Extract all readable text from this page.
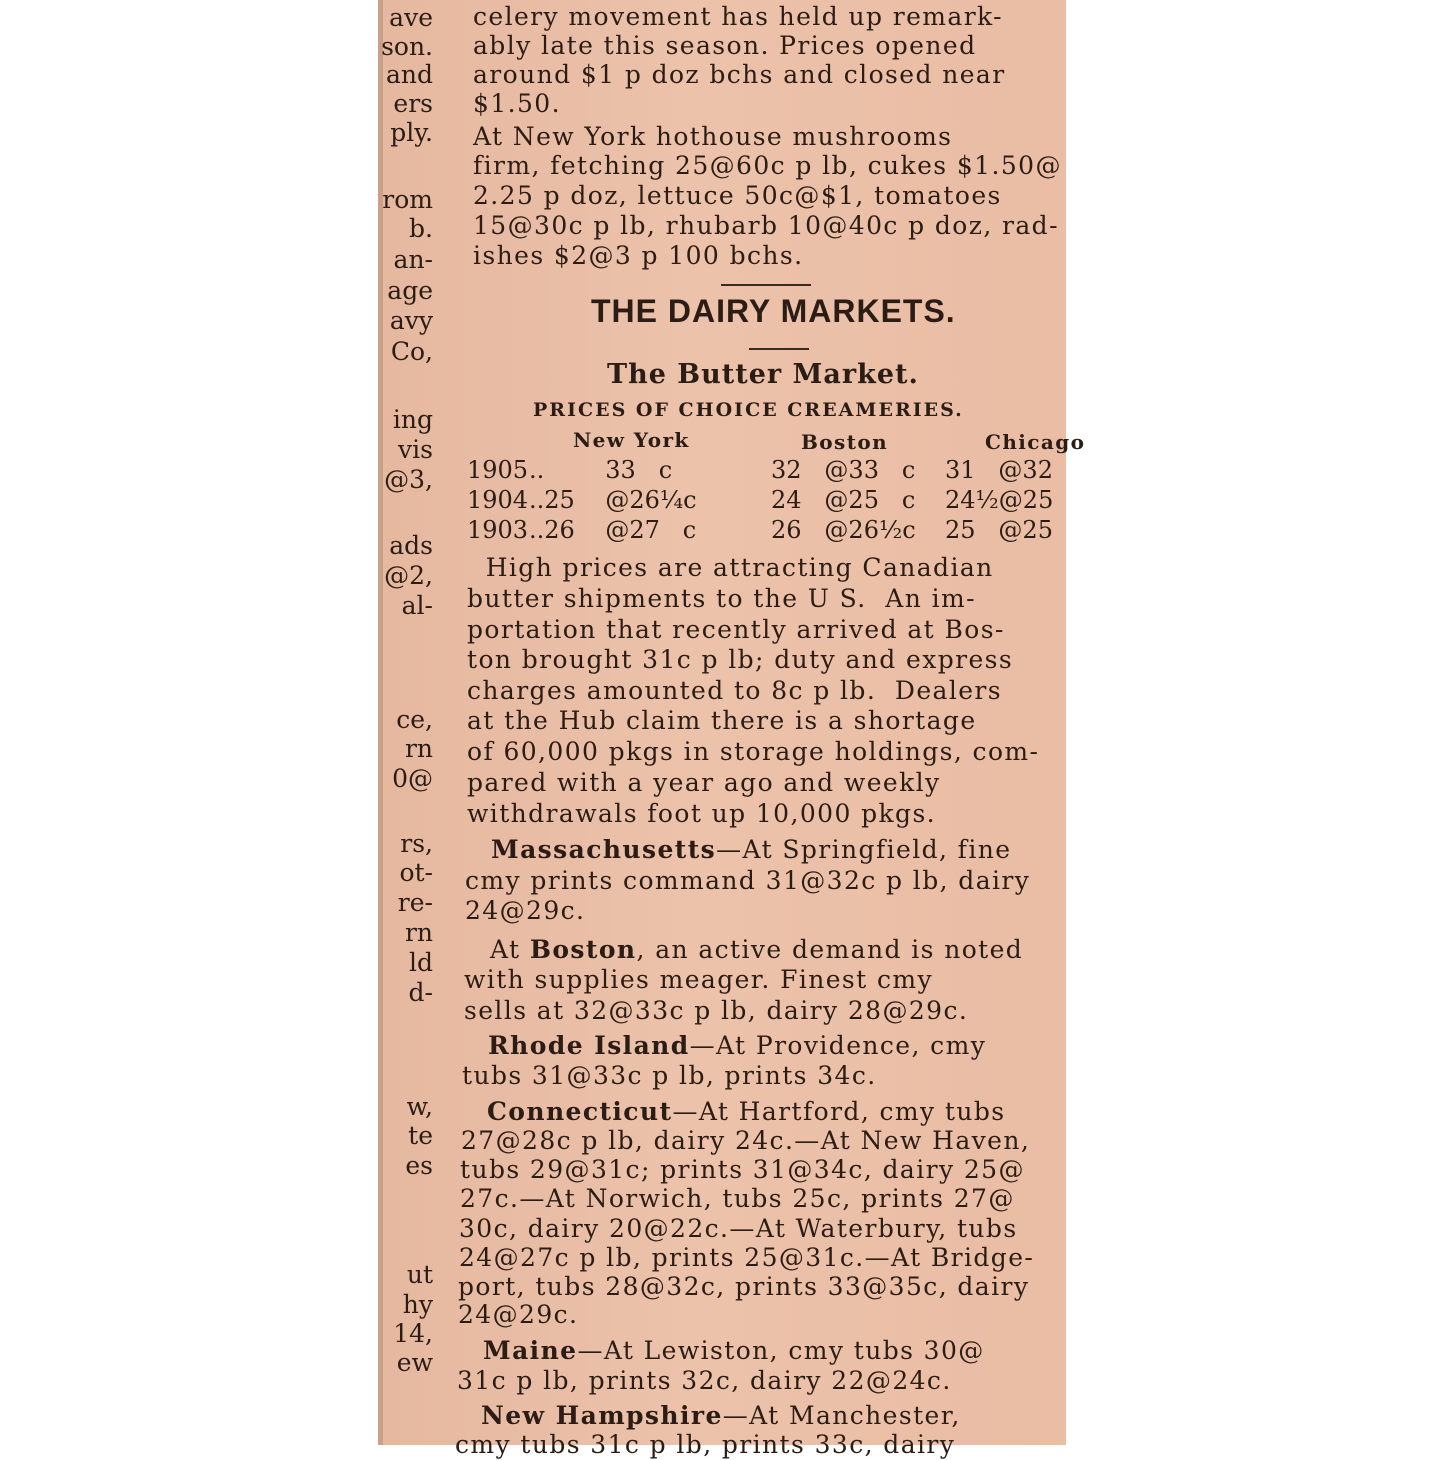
ave
son.
and
ers
ply.
rom
b.
an-
age
avy
Co,
ing
vis
@3,
ads
@2,
al-
ce,
rn
0@
rs,
ot-
re-
rn
ld
d-
w,
te
es
ut
hy
14,
ew
celery movement has held up remark-
ably late this season. Prices opened
around $1 p doz bchs and closed near
$1.50.
At New York hothouse mushrooms
firm, fetching 25@60c p lb, cukes $1.50@
2.25 p doz, lettuce 50c@$1, tomatoes
15@30c p lb, rhubarb 10@40c p doz, rad-
ishes $2@3 p 100 bchs.
THE DAIRY MARKETS.
The Butter Market.
PRICES OF CHOICE CREAMERIES.
New York	Boston	Chicago
1905 ..        33   c	32   @33   c 31   @32
1904 ..25    @26¼c	24   @25   c 24½@25
1903 ..26    @27   c	26   @26½c 25   @25
High prices are attracting Canadian
butter shipments to the U S.  An im-
portation that recently arrived at Bos-
ton brought 31c p lb; duty and express
charges amounted to 8c p lb.  Dealers
at the Hub claim there is a shortage
of 60,000 pkgs in storage holdings, com-
pared with a year ago and weekly
withdrawals foot up 10,000 pkgs.
Massachusetts—At Springfield, fine
cmy prints command 31@32c p lb, dairy
24@29c.
At Boston, an active demand is noted
with supplies meager. Finest cmy
sells at 32@33c p lb, dairy 28@29c.
Rhode Island—At Providence, cmy
tubs 31@33c p lb, prints 34c.
Connecticut—At Hartford, cmy tubs
27@28c p lb, dairy 24c.—At New Haven,
tubs 29@31c; prints 31@34c, dairy 25@
27c.—At Norwich, tubs 25c, prints 27@
30c, dairy 20@22c.—At Waterbury, tubs
24@27c p lb, prints 25@31c.—At Bridge-
port, tubs 28@32c, prints 33@35c, dairy
24@29c.
Maine—At Lewiston, cmy tubs 30@
31c p lb, prints 32c, dairy 22@24c.
New Hampshire—At Manchester,
cmy tubs 31c p lb, prints 33c, dairy
